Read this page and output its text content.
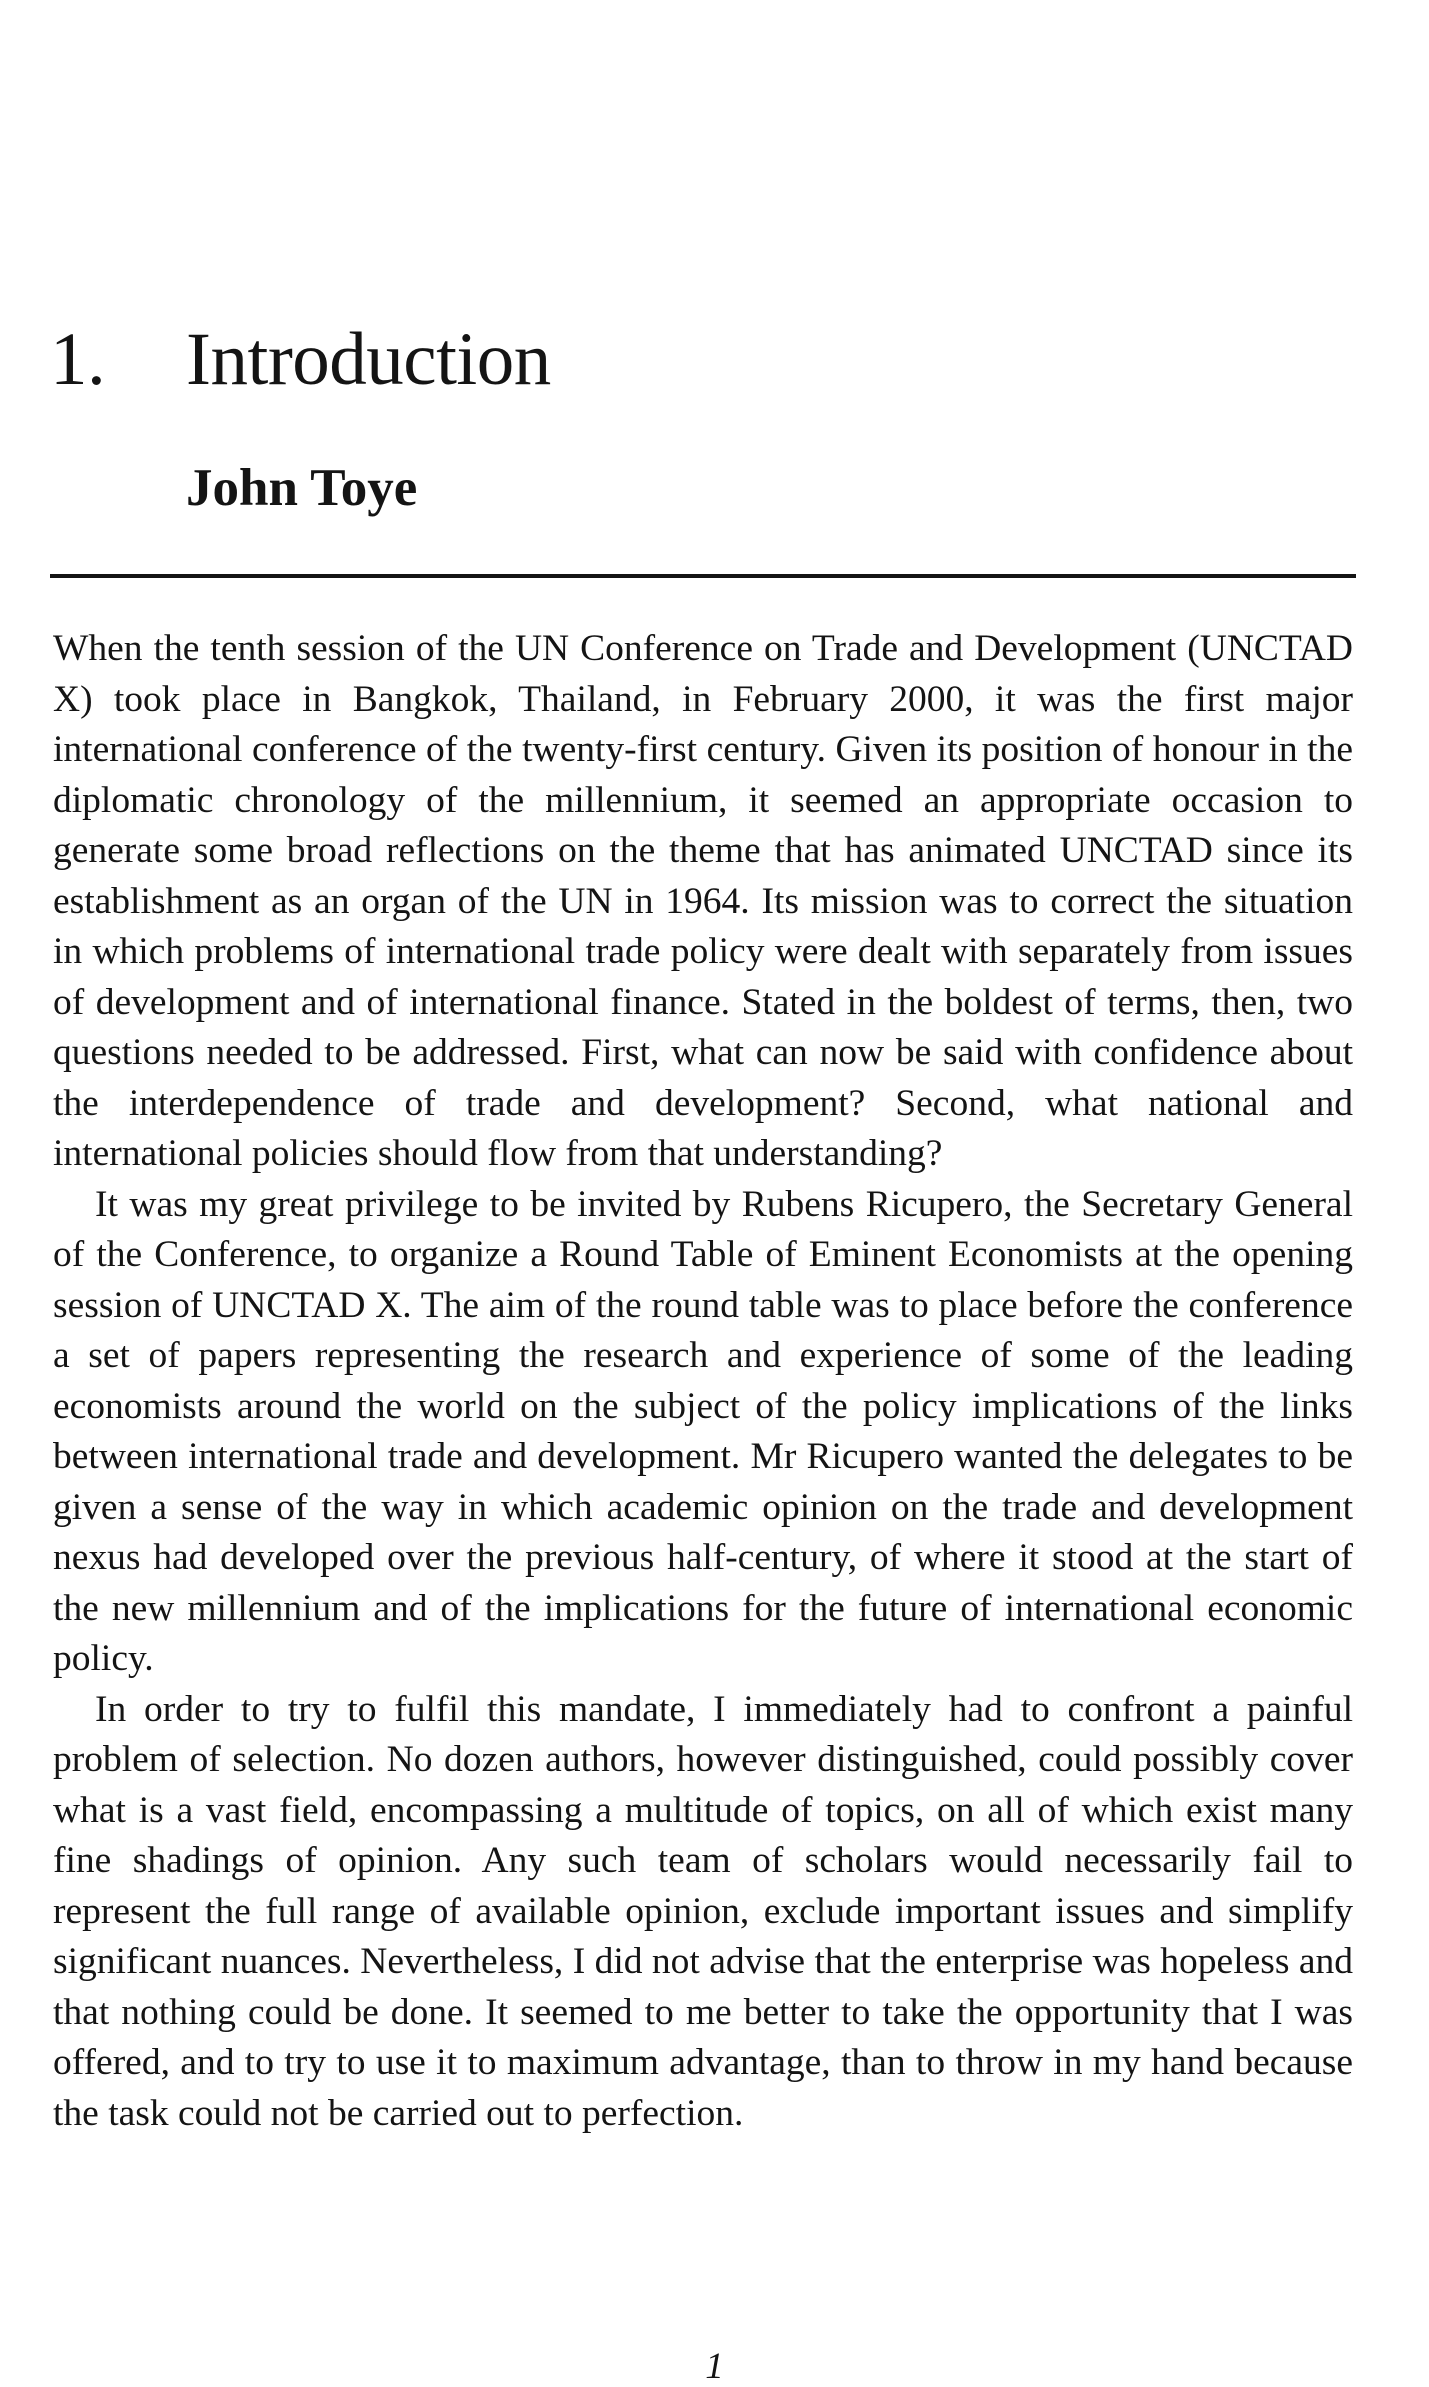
1. Introduction
John Toye

When the tenth session of the UN Conference on Trade and Development (UNCTAD X) took place in Bangkok, Thailand, in February 2000, it was the first major international conference of the twenty-first century. Given its position of honour in the diplomatic chronology of the millennium, it seemed an appropriate occasion to generate some broad reflections on the theme that has animated UNCTAD since its establishment as an organ of the UN in 1964. Its mission was to correct the situation in which problems of international trade policy were dealt with separately from issues of development and of international finance. Stated in the boldest of terms, then, two questions needed to be addressed. First, what can now be said with confidence about the interdependence of trade and development? Second, what national and international policies should flow from that understanding?

It was my great privilege to be invited by Rubens Ricupero, the Secretary General of the Conference, to organize a Round Table of Eminent Economists at the opening session of UNCTAD X. The aim of the round table was to place before the conference a set of papers representing the research and experience of some of the leading economists around the world on the subject of the policy implications of the links between international trade and development. Mr Ricupero wanted the delegates to be given a sense of the way in which academic opinion on the trade and development nexus had developed over the previous half-century, of where it stood at the start of the new millennium and of the implications for the future of international economic policy.

In order to try to fulfil this mandate, I immediately had to confront a painful problem of selection. No dozen authors, however distinguished, could possibly cover what is a vast field, encompassing a multitude of topics, on all of which exist many fine shadings of opinion. Any such team of scholars would necessarily fail to represent the full range of available opinion, exclude important issues and simplify significant nuances. Nevertheless, I did not advise that the enterprise was hopeless and that nothing could be done. It seemed to me better to take the opportunity that I was offered, and to try to use it to maximum advantage, than to throw in my hand because the task could not be carried out to perfection.

1
